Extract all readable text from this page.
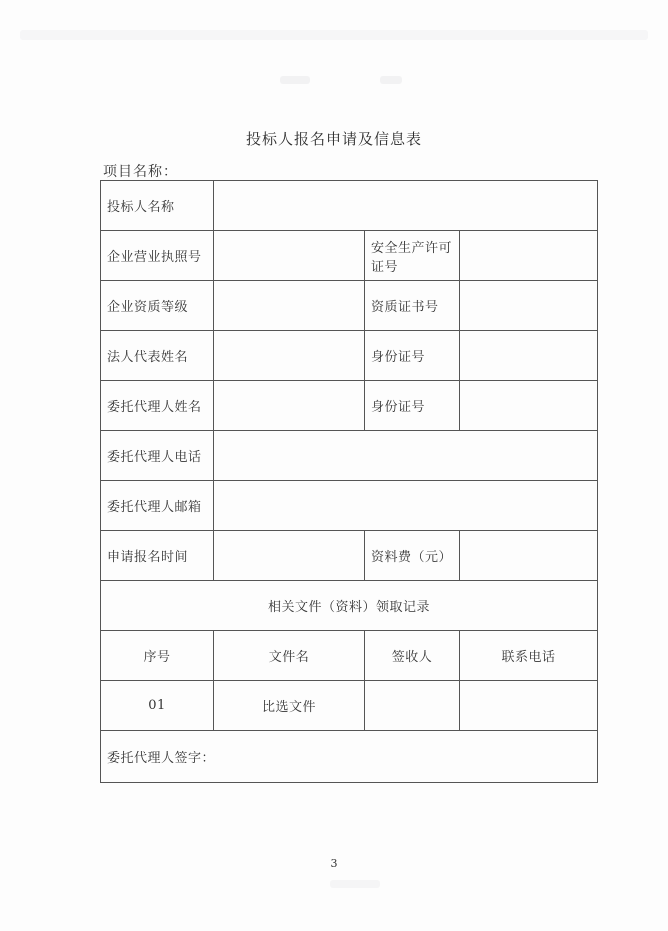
投标人报名申请及信息表
项目名称：
投标人名称			
企业营业执照号		安全生产许可证号	
企业资质等级		资质证书号	
法人代表姓名		身份证号	
委托代理人姓名		身份证号	
委托代理人电话			
委托代理人邮箱			
申请报名时间		资料费（元）	
相关文件（资料）领取记录			
序号	文件名	签收人	联系电话
01	比选文件		
委托代理人签字：			
3
